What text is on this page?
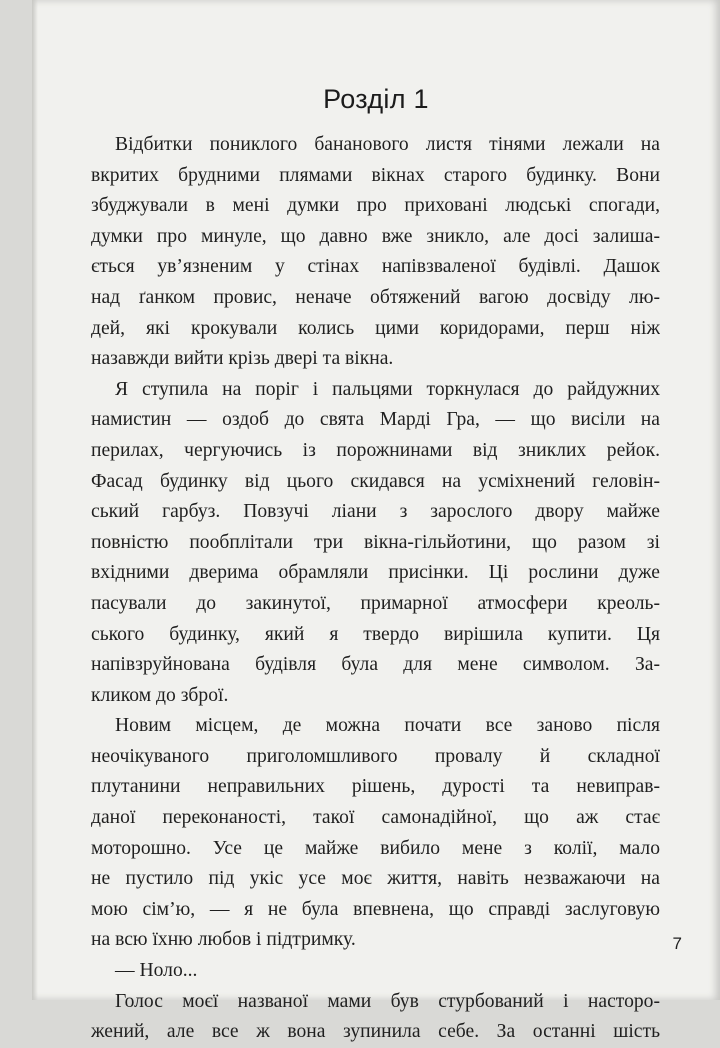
Розділ 1
Відбитки пониклого бананового листя тінями лежали на
вкритих брудними плямами вікнах старого будинку. Вони
збуджували в мені думки про приховані людські спогади,
думки про минуле, що давно вже зникло, але досі залиша-
ється ув’язненим у стінах напівзваленої будівлі. Дашок
над ґанком провис, неначе обтяжений вагою досвіду лю-
дей, які крокували колись цими коридорами, перш ніж
назавжди вийти крізь двері та вікна.
Я ступила на поріг і пальцями торкнулася до райдужних
намистин — оздоб до свята Марді Гра, — що висіли на
перилах, чергуючись із порожнинами від зниклих рейок.
Фасад будинку від цього скидався на усміхнений геловін-
ський гарбуз. Повзучі ліани з зарослого двору майже
повністю пообплітали три вікна-гільйотини, що разом зі
вхідними дверима обрамляли присінки. Ці рослини дуже
пасували до закинутої, примарної атмосфери креоль-
ського будинку, який я твердо вирішила купити. Ця
напівзруйнована будівля була для мене символом. За-
кликом до зброї.
Новим місцем, де можна почати все заново після
неочікуваного приголомшливого провалу й складної
плутанини неправильних рішень, дурості та невиправ-
даної переконаності, такої самонадійної, що аж стає
моторошно. Усе це майже вибило мене з колії, мало
не пустило під укіс усе моє життя, навіть незважаючи на
мою сім’ю, — я не була впевнена, що справді заслуговую
на всю їхню любов і підтримку.
— Ноло...
Голос моєї названої мами був стурбований і насторо-
жений, але все ж вона зупинила себе. За останні шість
7
